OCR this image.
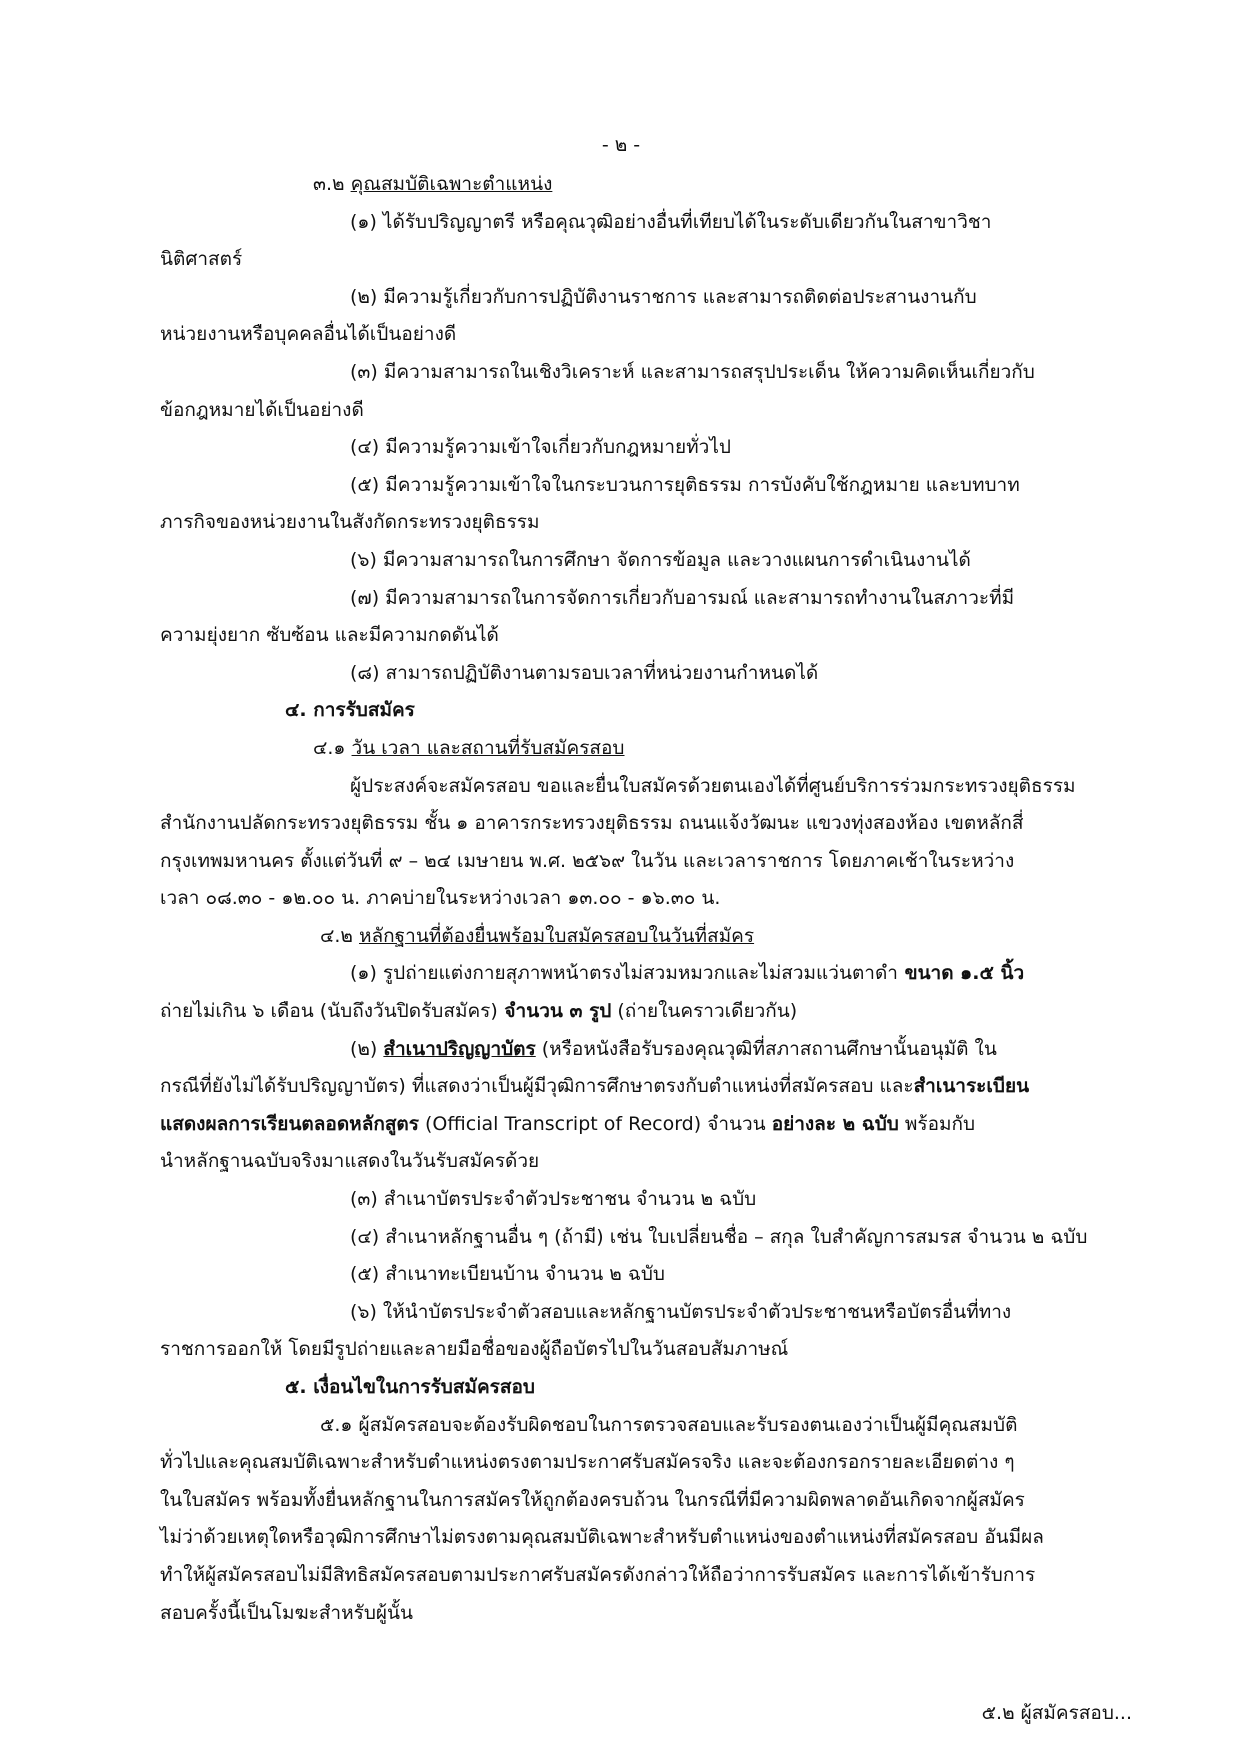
- ๒ -
๓.๒ คุณสมบัติเฉพาะตำแหน่ง
(๑) ได้รับปริญญาตรี หรือคุณวุฒิอย่างอื่นที่เทียบได้ในระดับเดียวกันในสาขาวิชา
นิติศาสตร์
(๒) มีความรู้เกี่ยวกับการปฏิบัติงานราชการ และสามารถติดต่อประสานงานกับ
หน่วยงานหรือบุคคลอื่นได้เป็นอย่างดี
(๓) มีความสามารถในเชิงวิเคราะห์ และสามารถสรุปประเด็น ให้ความคิดเห็นเกี่ยวกับ
ข้อกฎหมายได้เป็นอย่างดี
(๔) มีความรู้ความเข้าใจเกี่ยวกับกฎหมายทั่วไป
(๕) มีความรู้ความเข้าใจในกระบวนการยุติธรรม การบังคับใช้กฎหมาย และบทบาท
ภารกิจของหน่วยงานในสังกัดกระทรวงยุติธรรม
(๖) มีความสามารถในการศึกษา จัดการข้อมูล และวางแผนการดำเนินงานได้
(๗) มีความสามารถในการจัดการเกี่ยวกับอารมณ์ และสามารถทำงานในสภาวะที่มี
ความยุ่งยาก ซับซ้อน และมีความกดดันได้
(๘) สามารถปฏิบัติงานตามรอบเวลาที่หน่วยงานกำหนดได้
๔. การรับสมัคร
๔.๑ วัน เวลา และสถานที่รับสมัครสอบ
ผู้ประสงค์จะสมัครสอบ ขอและยื่นใบสมัครด้วยตนเองได้ที่ศูนย์บริการร่วมกระทรวงยุติธรรม
สำนักงานปลัดกระทรวงยุติธรรม ชั้น ๑ อาคารกระทรวงยุติธรรม ถนนแจ้งวัฒนะ แขวงทุ่งสองห้อง เขตหลักสี่
กรุงเทพมหานคร ตั้งแต่วันที่ ๙ – ๒๔ เมษายน พ.ศ. ๒๕๖๙ ในวัน และเวลาราชการ โดยภาคเช้าในระหว่าง
เวลา ๐๘.๓๐ - ๑๒.๐๐ น. ภาคบ่ายในระหว่างเวลา ๑๓.๐๐ - ๑๖.๓๐ น.
๔.๒ หลักฐานที่ต้องยื่นพร้อมใบสมัครสอบในวันที่สมัคร
(๑) รูปถ่ายแต่งกายสุภาพหน้าตรงไม่สวมหมวกและไม่สวมแว่นตาดำ ขนาด ๑.๕ นิ้ว
ถ่ายไม่เกิน ๖ เดือน (นับถึงวันปิดรับสมัคร) จำนวน ๓ รูป (ถ่ายในคราวเดียวกัน)
(๒) สำเนาปริญญาบัตร (หรือหนังสือรับรองคุณวุฒิที่สภาสถานศึกษานั้นอนุมัติ ใน
กรณีที่ยังไม่ได้รับปริญญาบัตร) ที่แสดงว่าเป็นผู้มีวุฒิการศึกษาตรงกับตำแหน่งที่สมัครสอบ และสำเนาระเบียน
แสดงผลการเรียนตลอดหลักสูตร (Official Transcript of Record) จำนวน อย่างละ ๒ ฉบับ พร้อมกับ
นำหลักฐานฉบับจริงมาแสดงในวันรับสมัครด้วย
(๓) สำเนาบัตรประจำตัวประชาชน จำนวน ๒ ฉบับ
(๔) สำเนาหลักฐานอื่น ๆ (ถ้ามี) เช่น ใบเปลี่ยนชื่อ – สกุล ใบสำคัญการสมรส จำนวน ๒ ฉบับ
(๕) สำเนาทะเบียนบ้าน จำนวน ๒ ฉบับ
(๖) ให้นำบัตรประจำตัวสอบและหลักฐานบัตรประจำตัวประชาชนหรือบัตรอื่นที่ทาง
ราชการออกให้ โดยมีรูปถ่ายและลายมือชื่อของผู้ถือบัตรไปในวันสอบสัมภาษณ์
๕. เงื่อนไขในการรับสมัครสอบ
๕.๑ ผู้สมัครสอบจะต้องรับผิดชอบในการตรวจสอบและรับรองตนเองว่าเป็นผู้มีคุณสมบัติ
ทั่วไปและคุณสมบัติเฉพาะสำหรับตำแหน่งตรงตามประกาศรับสมัครจริง และจะต้องกรอกรายละเอียดต่าง ๆ
ในใบสมัคร พร้อมทั้งยื่นหลักฐานในการสมัครให้ถูกต้องครบถ้วน ในกรณีที่มีความผิดพลาดอันเกิดจากผู้สมัคร
ไม่ว่าด้วยเหตุใดหรือวุฒิการศึกษาไม่ตรงตามคุณสมบัติเฉพาะสำหรับตำแหน่งของตำแหน่งที่สมัครสอบ อันมีผล
ทำให้ผู้สมัครสอบไม่มีสิทธิสมัครสอบตามประกาศรับสมัครดังกล่าวให้ถือว่าการรับสมัคร และการได้เข้ารับการ
สอบครั้งนี้เป็นโมฆะสำหรับผู้นั้น
๕.๒ ผู้สมัครสอบ...
